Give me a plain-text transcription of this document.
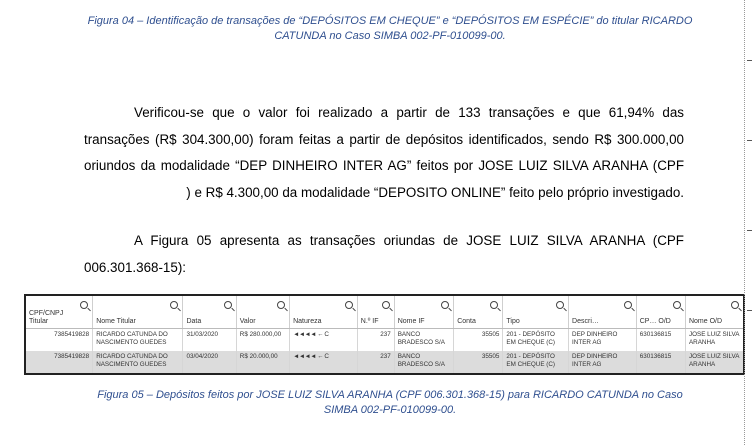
Figura 04 – Identificação de transações de “DEPÓSITOS EM CHEQUE” e “DEPÓSITOS EM ESPÉCIE” do titular RICARDO CATUNDA no Caso SIMBA 002-PF-010099-00.
Verificou-se que o valor foi realizado a partir de 133 transações e que 61,94% das
transações (R$ 304.300,00) foram feitas a partir de depósitos identificados, sendo R$ 300.000,00
oriundos da modalidade “DEP DINHEIRO INTER AG” feitos por JOSE LUIZ SILVA ARANHA (CPF
) e R$ 4.300,00 da modalidade “DEPOSITO ONLINE” feito pelo próprio investigado.
A Figura 05 apresenta as transações oriundas de JOSE LUIZ SILVA ARANHA (CPF
006.301.368-15):
CPF/CNPJ Titular	Nome Titular	Data	Valor	Natureza	N.º IF	Nome IF	Conta	Tipo	Descri…	CP… O/D	Nome O/D

7385419828	RICARDO CATUNDA DO NASCIMENTO GUEDES	31/03/2020	R$ 280.000,00	◄◄◄◄ ← C	237	BANCO BRADESCO S/A	35505	201 - DEPÓSITO EM CHEQUE (C)	DEP DINHEIRO INTER AG	630136815	JOSE LUIZ SILVA ARANHA
7385419828	RICARDO CATUNDA DO NASCIMENTO GUEDES	03/04/2020	R$ 20.000,00	◄◄◄◄ ← C	237	BANCO BRADESCO S/A	35505	201 - DEPÓSITO EM CHEQUE (C)	DEP DINHEIRO INTER AG	630136815	JOSE LUIZ SILVA ARANHA
Figura 05 – Depósitos feitos por JOSE LUIZ SILVA ARANHA (CPF 006.301.368-15) para RICARDO CATUNDA no Caso SIMBA 002-PF-010099-00.
